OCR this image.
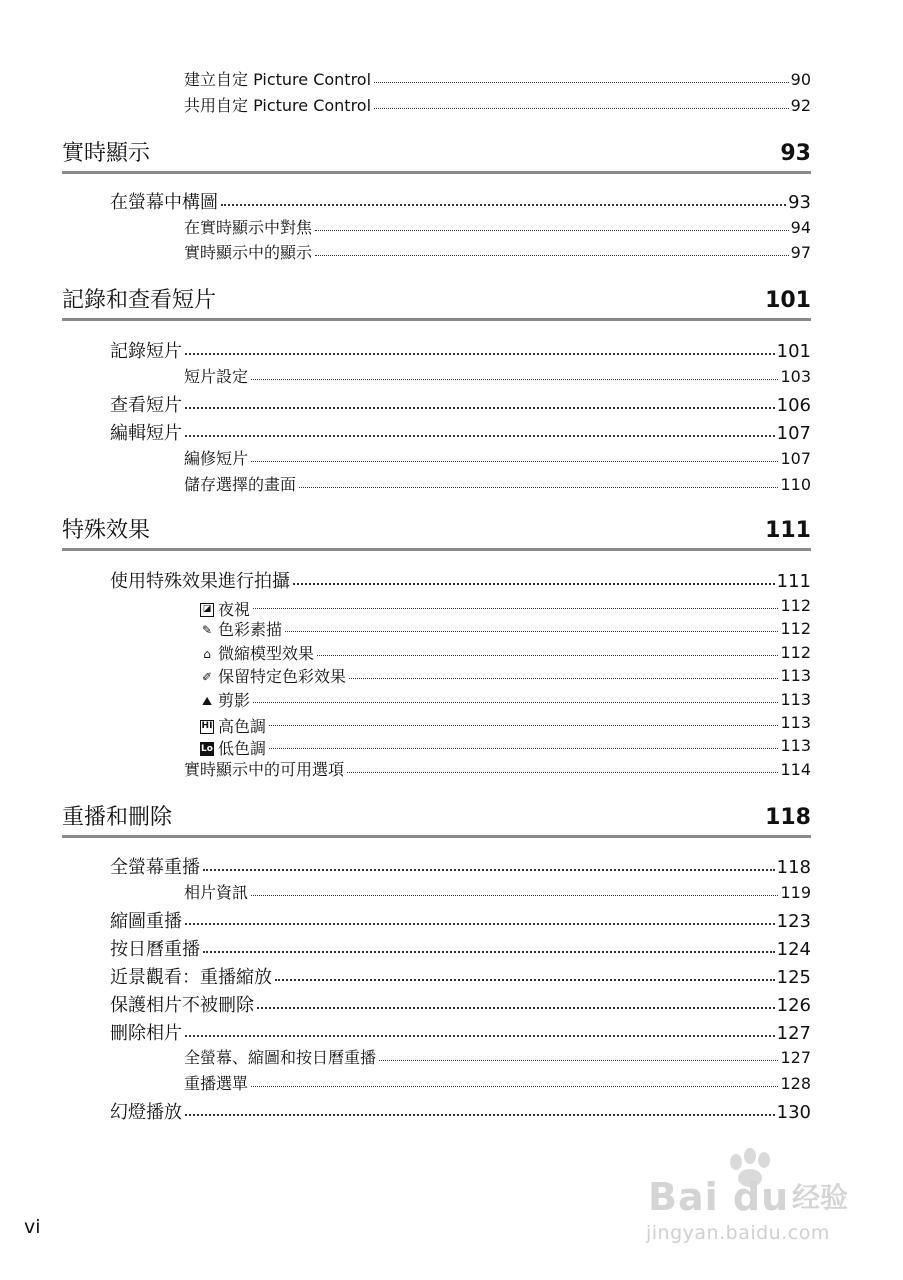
建立自定 Picture Control	90
共用自定 Picture Control	92
實時顯示	93
在螢幕中構圖	93
在實時顯示中對焦	94
實時顯示中的顯示	97
記錄和查看短片	101
記錄短片	101
短片設定	103
查看短片	106
編輯短片	107
編修短片	107
儲存選擇的畫面	110
特殊效果	111
使用特殊效果進行拍攝	111
◪ 夜視	112
✎ 色彩素描	112
⌂ 微縮模型效果	112
✐ 保留特定色彩效果	113
⛰ 剪影	113
HI 高色調	113
Lo 低色調	113
實時顯示中的可用選項	114
重播和刪除	118
全螢幕重播	118
相片資訊	119
縮圖重播	123
按日曆重播	124
近景觀看：重播縮放	125
保護相片不被刪除	126
刪除相片	127
全螢幕、縮圖和按日曆重播	127
重播選單	128
幻燈播放	130
vi
Bai du 经验
jingyan.baidu.com
